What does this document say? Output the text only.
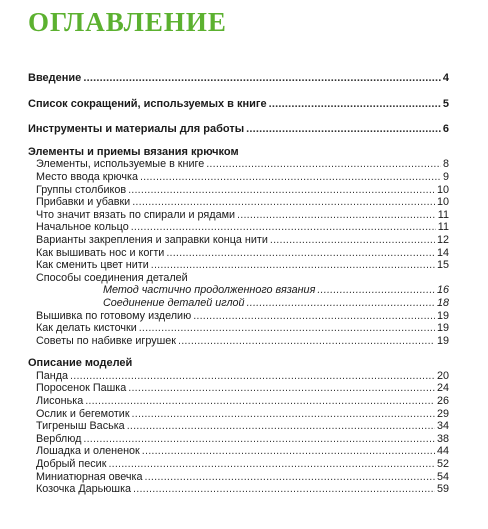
ОГЛАВЛЕНИЕ
Введение .....	4
Список сокращений, используемых в книге .....	5
Инструменты и материалы для работы .....	6
Элементы и приемы вязания крючком
Элементы, используемые в книге .....	8
Место ввода крючка .....	9
Группы столбиков .....	10
Прибавки и убавки .....	10
Что значит вязать по спирали и рядами .....	11
Начальное кольцо .....	11
Варианты закрепления и заправки конца нити .....	12
Как вышивать нос и когти .....	14
Как сменить цвет нити .....	15
Способы соединения деталей
Метод частично продолженного вязания .....	16
Соединение деталей иглой .....	18
Вышивка по готовому изделию .....	19
Как делать кисточки .....	19
Советы по набивке игрушек .....	19
Описание моделей
Панда .....	20
Поросенок Пашка .....	24
Лисонька .....	26
Ослик и бегемотик .....	29
Тигреныш Васька .....	34
Верблюд .....	38
Лошадка и олененок .....	44
Добрый песик .....	52
Миниатюрная овечка .....	54
Козочка Дарьюшка .....	59
